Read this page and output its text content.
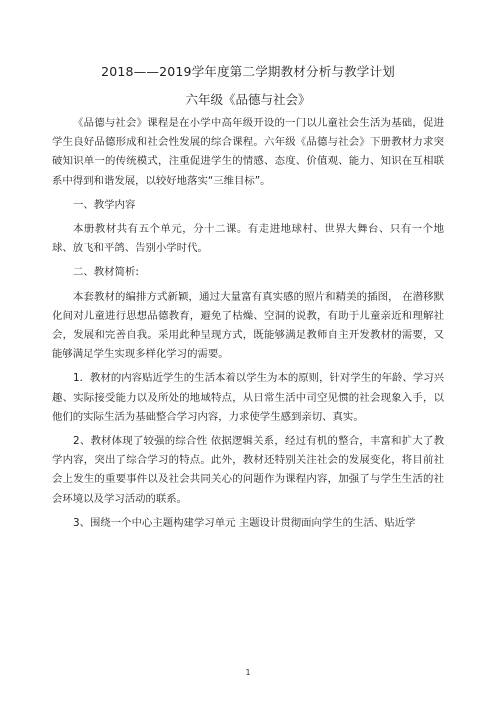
2018——2019学年度第二学期教材分析与教学计划
六年级《品德与社会》

《品德与社会》课程是在小学中高年级开设的一门以儿童社会生活为基础，促进学生良好品德形成和社会性发展的综合课程。六年级《品德与社会》下册教材力求突破知识单一的传统模式，注重促进学生的情感、态度、价值观、能力、知识在互相联系中得到和谐发展，以较好地落实“三维目标”。

一、教学内容

本册教材共有五个单元，分十二课。有走进地球村、世界大舞台、只有一个地球、放飞和平鸽、告别小学时代。

二、教材简析:

本套教材的编排方式新颖，通过大量富有真实感的照片和精美的插图， 在潜移默化间对儿童进行思想品德教育，避免了枯燥、空洞的说教，有助于儿童亲近和理解社会，发展和完善自我。采用此种呈现方式，既能够满足教师自主开发教材的需要，又能够满足学生实现多样化学习的需要。

1．教材的内容贴近学生的生活本着以学生为本的原则，针对学生的年龄、学习兴趣、实际接受能力以及所处的地域特点，从日常生活中司空见惯的社会现象入手，以他们的实际生活为基础整合学习内容，力求使学生感到亲切、真实。

2、教材体现了较强的综合性 依据逻辑关系，经过有机的整合，丰富和扩大了教学内容，突出了综合学习的特点。此外，教材还特别关注社会的发展变化，将目前社会上发生的重要事件以及社会共同关心的问题作为课程内容，加强了与学生生活的社会环境以及学习活动的联系。

3、围绕一个中心主题构建学习单元 主题设计贯彻面向学生的生活、贴近学

1
